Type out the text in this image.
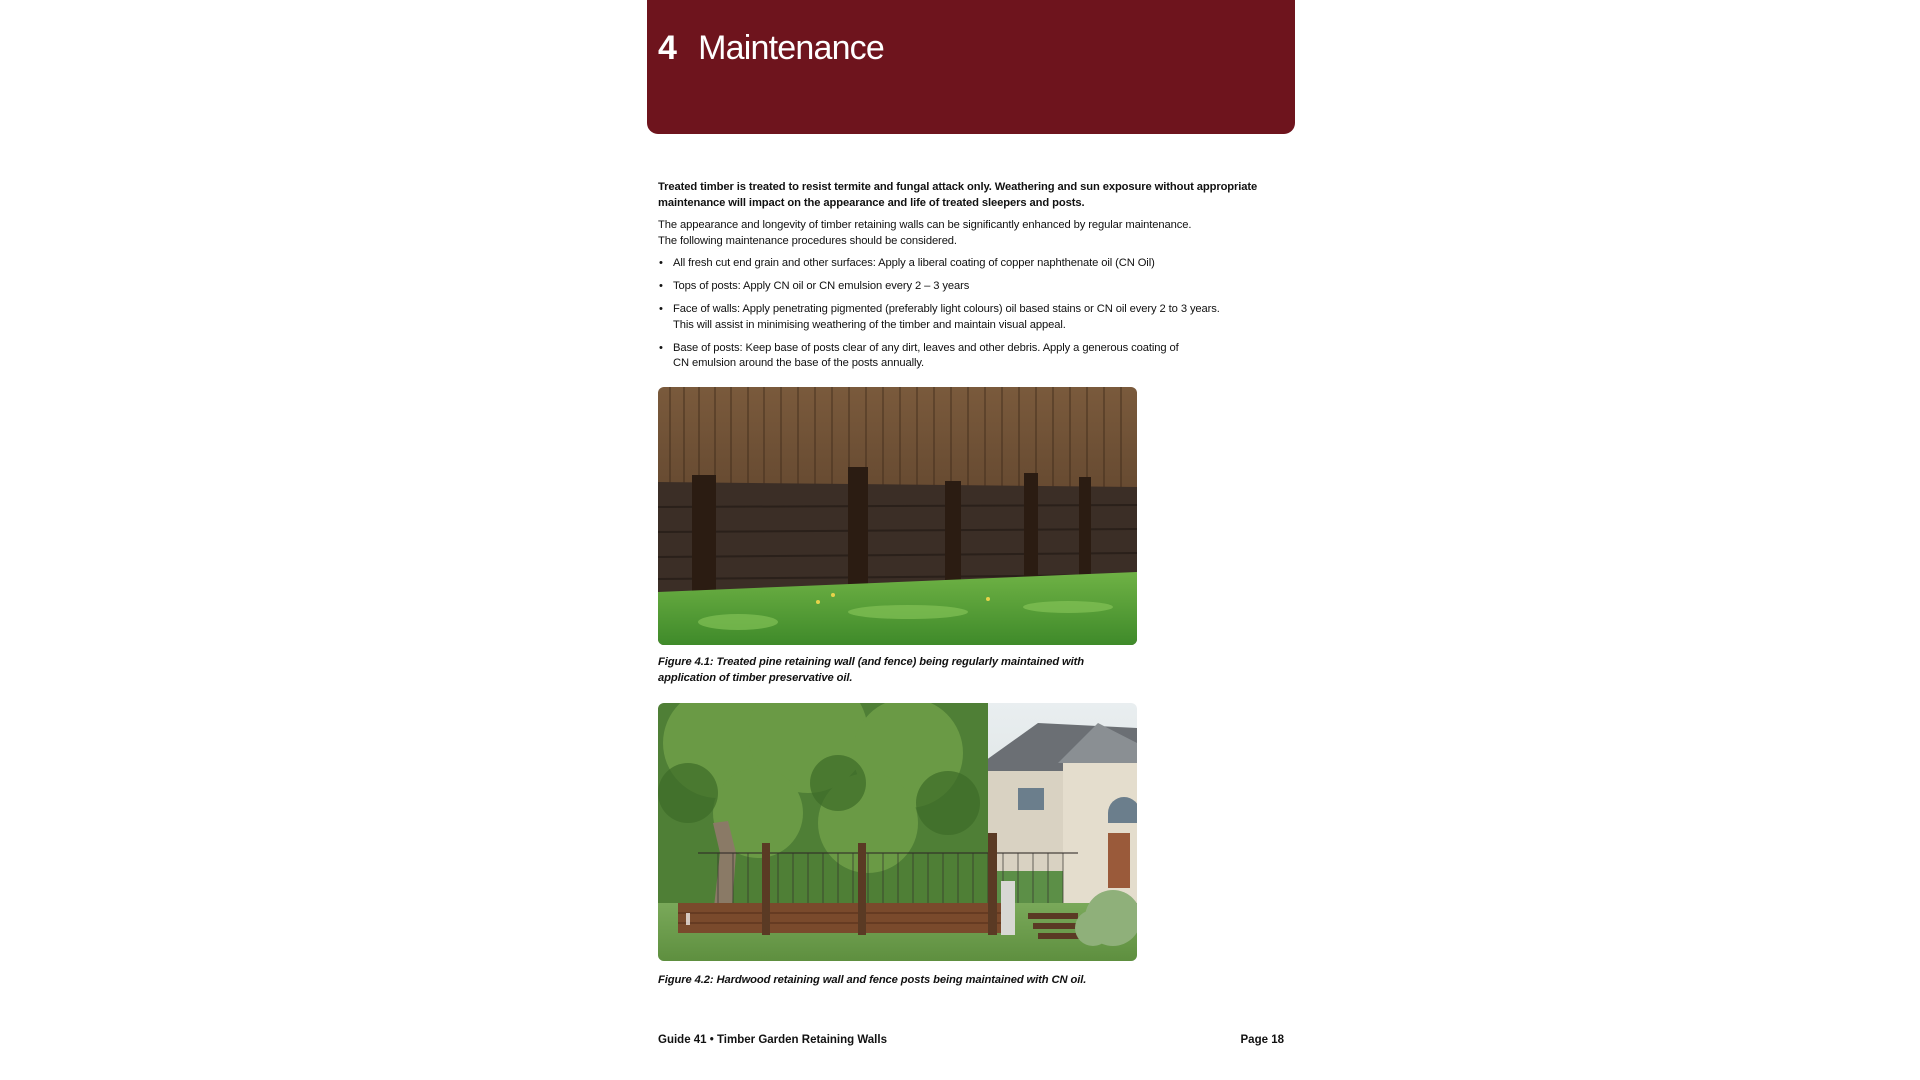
4 Maintenance

Treated timber is treated to resist termite and fungal attack only. Weathering and sun exposure without appropriate maintenance will impact on the appearance and life of treated sleepers and posts.

The appearance and longevity of timber retaining walls can be significantly enhanced by regular maintenance.
The following maintenance procedures should be considered.

• All fresh cut end grain and other surfaces: Apply a liberal coating of copper naphthenate oil (CN Oil)
• Tops of posts: Apply CN oil or CN emulsion every 2 – 3 years
• Face of walls: Apply penetrating pigmented (preferably light colours) oil based stains or CN oil every 2 to 3 years.
This will assist in minimising weathering of the timber and maintain visual appeal.
• Base of posts: Keep base of posts clear of any dirt, leaves and other debris. Apply a generous coating of
CN emulsion around the base of the posts annually.
Figure 4.1: Treated pine retaining wall (and fence) being regularly maintained with
application of timber preservative oil.
Figure 4.2: Hardwood retaining wall and fence posts being maintained with CN oil.
Guide 41 • Timber Garden Retaining Walls	Page 18
